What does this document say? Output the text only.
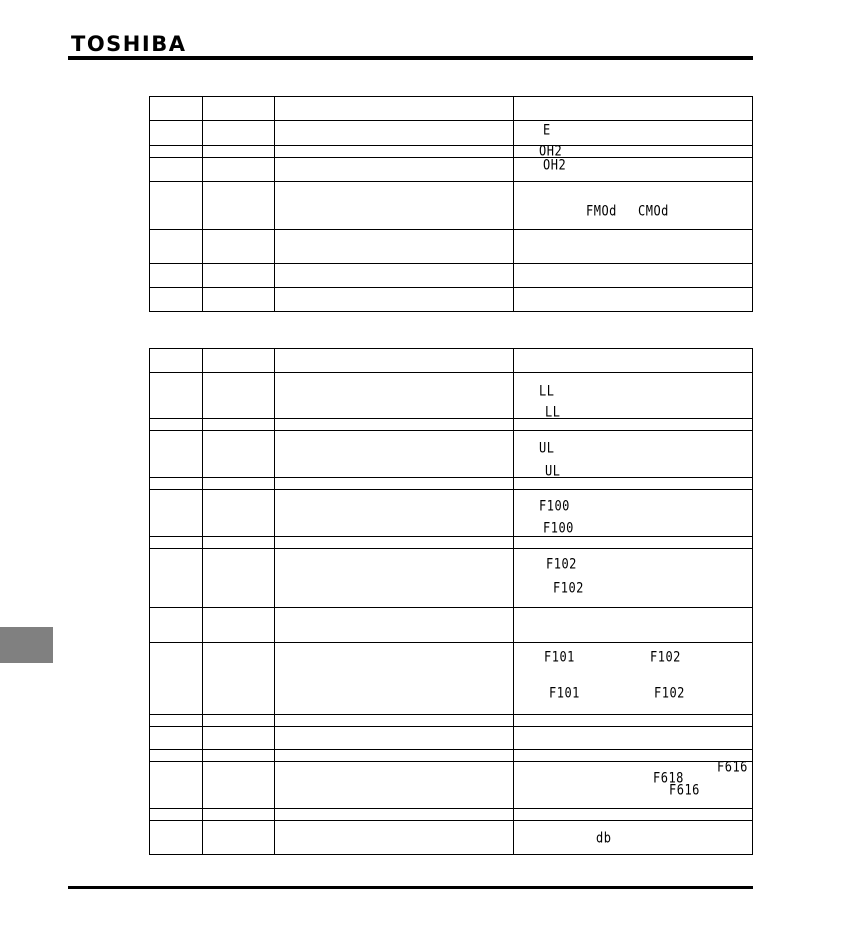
TOSHIBA

			E

			OH2

			OH2

			FMOd CMOd

			LL
LL

			UL
UL

			F100
F100

			F102
F102

			F101 F102
F101 F102

			F616
F618
F616

			db
